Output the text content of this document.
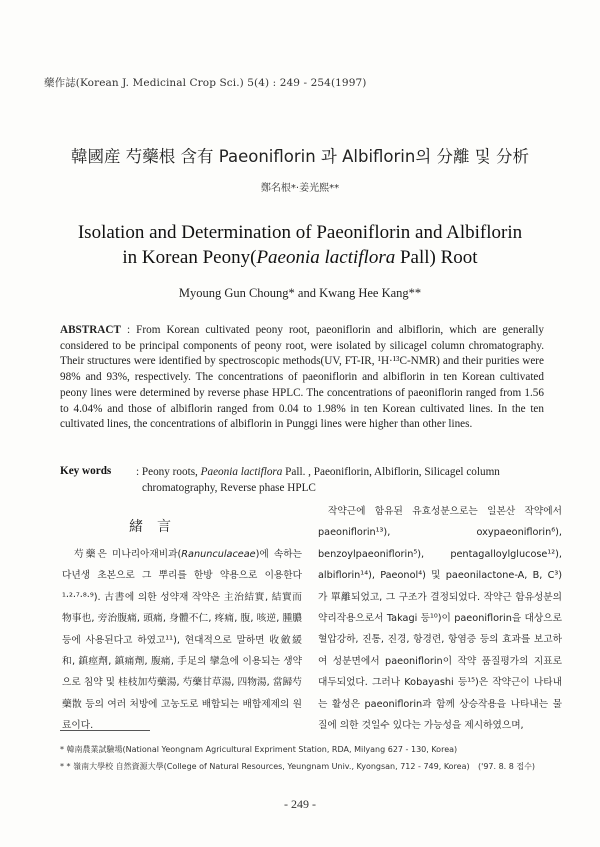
藥作誌(Korean J. Medicinal Crop Sci.) 5(4) : 249 - 254(1997)
韓國産 芍藥根 含有 Paeoniflorin 과 Albiflorin의 分離 및 分析
鄭名根*·姜光熙**
Isolation and Determination of Paeoniflorin and Albiflorin
in Korean Peony(Paeonia lactiflora Pall) Root
Myoung Gun Choung* and Kwang Hee Kang**
ABSTRACT : From Korean cultivated peony root, paeoniflorin and albiflorin, which are generally considered to be principal components of peony root, were isolated by silicagel column chromatography. Their structures were identified by spectroscopic methods(UV, FT-IR, ¹H·¹³C-NMR) and their purities were 98% and 93%, respectively. The concentrations of paeoniflorin and albiflorin in ten Korean cultivated peony lines were determined by reverse phase HPLC. The concentrations of paeoniflorin ranged from 1.56 to 4.04% and those of albiflorin ranged from 0.04 to 1.98% in ten Korean cultivated lines. In the ten cultivated lines, the concentrations of albiflorin in Punggi lines were higher than other lines.
Key words : Peony roots, Paeonia lactiflora Pall. , Paeoniflorin, Albiflorin, Silicagel column chromatography, Reverse phase HPLC
緒言
芍藥은 미나리아재비과(Ranunculaceae)에 속하는 다년생 초본으로 그 뿌리를 한방 약용으로 이용한다¹·²·⁷·⁸·⁹). 古書에 의한 성약재 작약은 主治結實, 結實而物事也, 旁治腹痛, 頭痛, 身體不仁, 疼痛, 腹, 咳逆, 腫膿 등에 사용된다고 하였고¹¹), 현대적으로 말하면 收斂緩和, 鎮痙劑, 鎮痛劑, 腹痛, 手足의 攣急에 이용되는 생약으로 침약 및 桂枝加芍藥湯, 芍藥甘草湯, 四物湯, 當歸芍藥散 등의 여러 처방에 고농도로 배합되는 배합제제의 원료이다.
작약근에 함유된 유효성분으로는 일본산 작약에서 paeoniflorin¹³), oxypaeoniflorin⁶), benzoylpaeoniflorin⁵), pentagalloylglucose¹²), albiflorin¹⁴), Paeonol⁴) 및 paeonilactone-A, B, C³) 가 單離되었고, 그 구조가 결정되었다. 작약근 함유성분의 약리작용으로서 Takagi 등¹⁰)이 paeoniflorin을 대상으로 혈압강하, 진통, 진경, 항경련, 항염증 등의 효과를 보고하여 성분면에서 paeoniflorin이 작약 품질평가의 지표로 대두되었다. 그러나 Kobayashi 등¹⁵)은 작약근이 나타내는 활성은 paeoniflorin과 함께 상승작용을 나타내는 물질에 의한 것일수 있다는 가능성을 제시하였으며,
* 韓南農業試驗場(National Yeongnam Agricultural Expriment Station, RDA, Milyang 627 - 130, Korea)
* * 嶺南大學校 自然資源大學(College of Natural Resources, Yeungnam Univ., Kyongsan, 712 - 749, Korea) ('97. 8. 8 접수)
- 249 -
